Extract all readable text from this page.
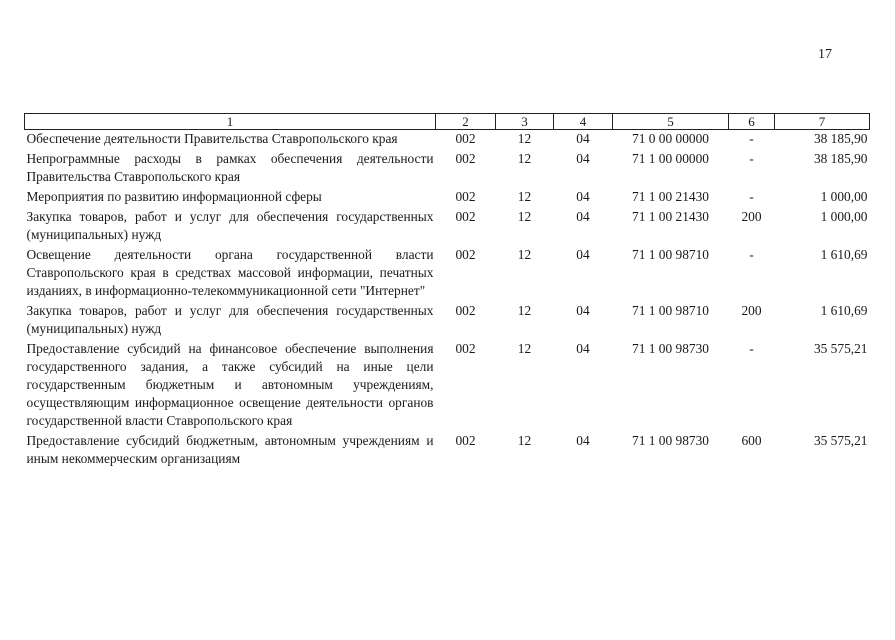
17
1	2	3	4	5	6	7
Обеспечение деятельности Правительства Ставропольского края	002	12	04	71 0 00 00000	-	38 185,90
Непрограммные расходы в рамках обеспечения деятельности Правительства Ставропольского края	002	12	04	71 1 00 00000	-	38 185,90
Мероприятия по развитию информационной сферы	002	12	04	71 1 00 21430	-	1 000,00
Закупка товаров, работ и услуг для обеспечения государственных (муниципальных) нужд	002	12	04	71 1 00 21430	200	1 000,00
Освещение деятельности органа государственной власти Ставропольского края в средствах массовой информации, печатных изданиях, в информационно-телекоммуникационной сети "Интернет"	002	12	04	71 1 00 98710	-	1 610,69
Закупка товаров, работ и услуг для обеспечения государственных (муниципальных) нужд	002	12	04	71 1 00 98710	200	1 610,69
Предоставление субсидий на финансовое обеспечение выполнения государственного задания, а также субсидий на иные цели государственным бюджетным и автономным учреждениям, осуществляющим информационное освещение деятельности органов государственной власти Ставропольского края	002	12	04	71 1 00 98730	-	35 575,21
Предоставление субсидий бюджетным, автономным учреждениям и иным некоммерческим организациям	002	12	04	71 1 00 98730	600	35 575,21
